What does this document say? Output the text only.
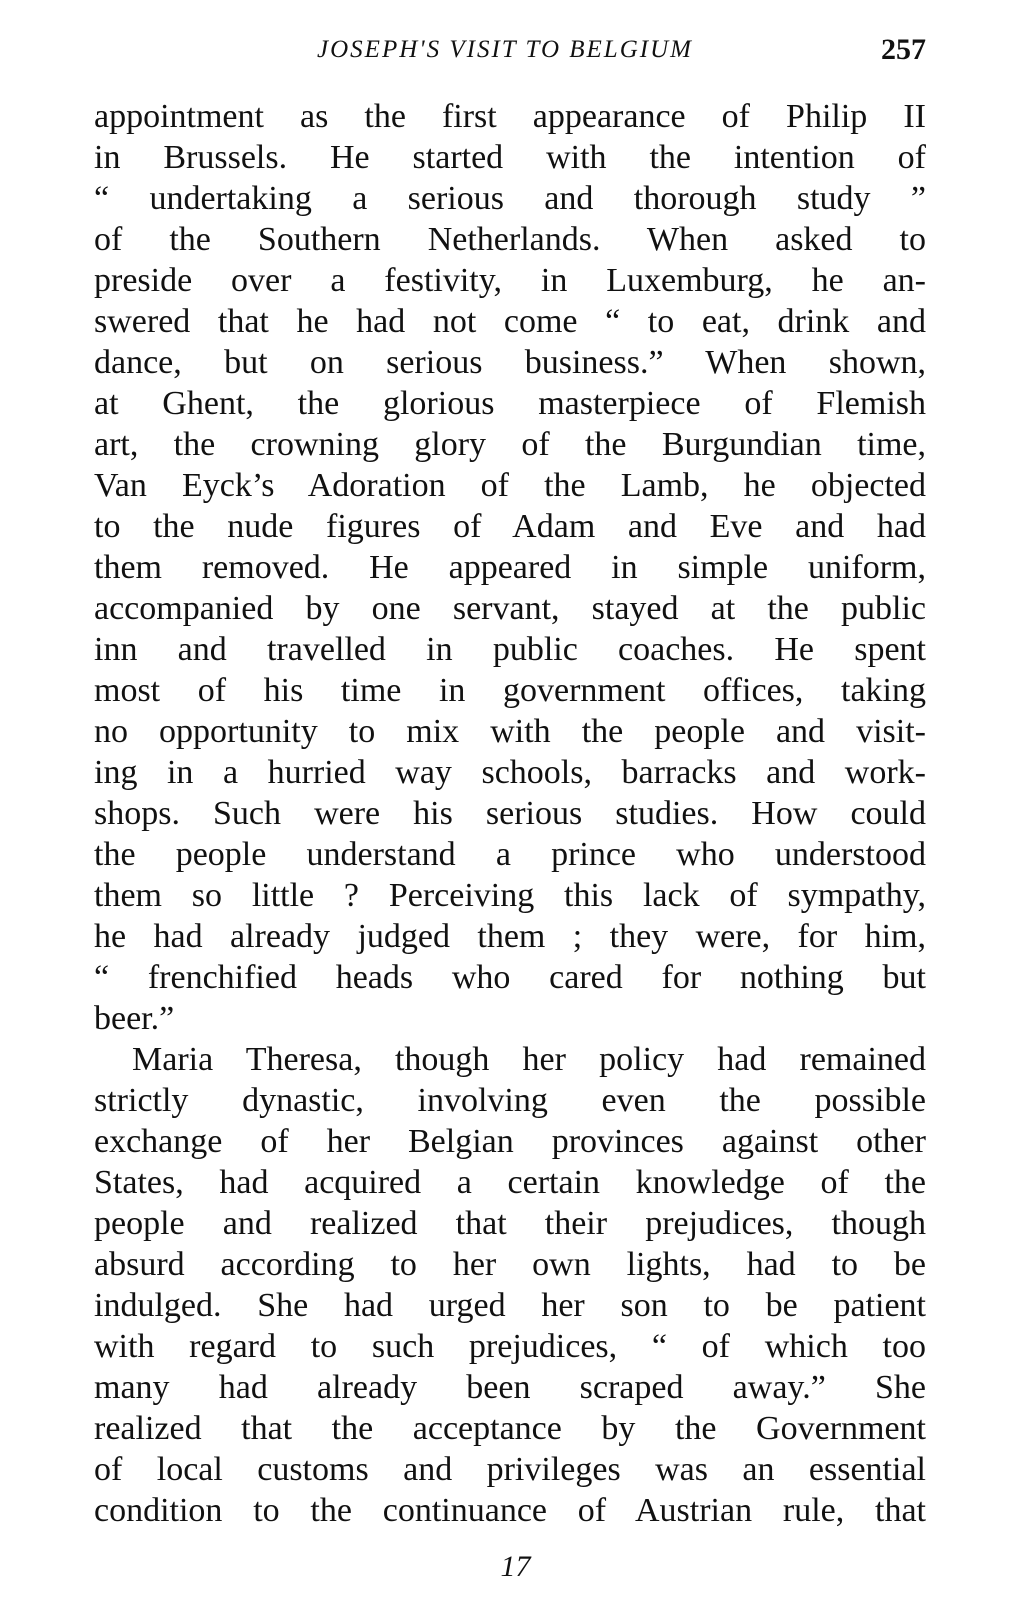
JOSEPH'S VISIT TO BELGIUM	257
appointment as the first appearance of Philip II
in Brussels. He started with the intention of
“ undertaking a serious and thorough study ”
of the Southern Netherlands. When asked to
preside over a festivity, in Luxemburg, he an-
swered that he had not come “ to eat, drink and
dance, but on serious business.” When shown,
at Ghent, the glorious masterpiece of Flemish
art, the crowning glory of the Burgundian time,
Van Eyck’s Adoration of the Lamb, he objected
to the nude figures of Adam and Eve and had
them removed. He appeared in simple uniform,
accompanied by one servant, stayed at the public
inn and travelled in public coaches. He spent
most of his time in government offices, taking
no opportunity to mix with the people and visit-
ing in a hurried way schools, barracks and work-
shops. Such were his serious studies. How could
the people understand a prince who understood
them so little ? Perceiving this lack of sympathy,
he had already judged them ; they were, for him,
“ frenchified heads who cared for nothing but
beer.”
Maria Theresa, though her policy had remained
strictly dynastic, involving even the possible
exchange of her Belgian provinces against other
States, had acquired a certain knowledge of the
people and realized that their prejudices, though
absurd according to her own lights, had to be
indulged. She had urged her son to be patient
with regard to such prejudices, “ of which too
many had already been scraped away.” She
realized that the acceptance by the Government
of local customs and privileges was an essential
condition to the continuance of Austrian rule, that
17
